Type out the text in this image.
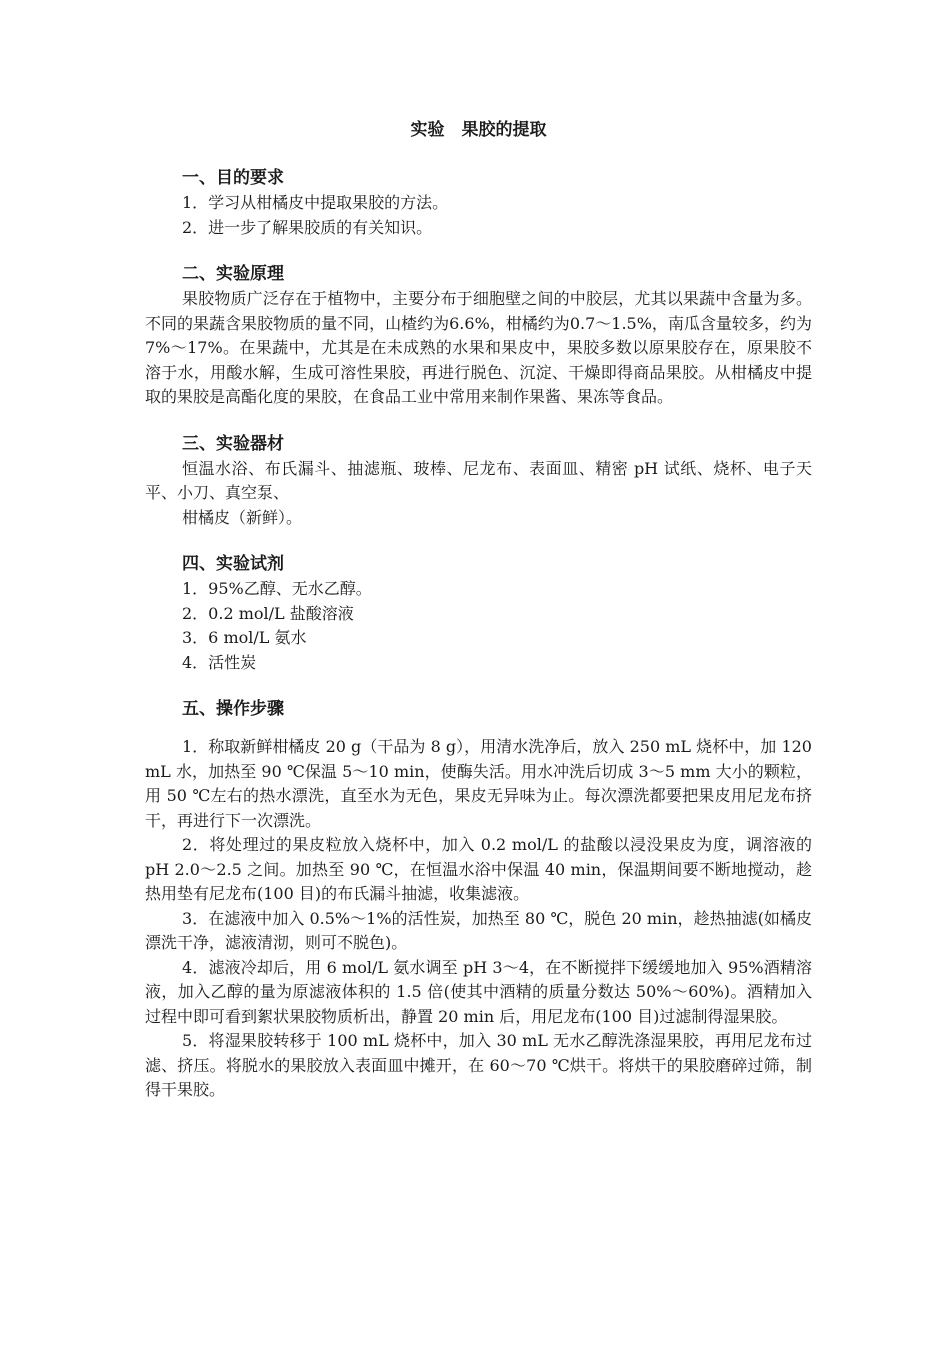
实验　果胶的提取
一、目的要求
1．学习从柑橘皮中提取果胶的方法。
2．进一步了解果胶质的有关知识。
二、实验原理

果胶物质广泛存在于植物中，主要分布于细胞壁之间的中胶层，尤其以果蔬中含量为多。不同的果蔬含果胶物质的量不同，山楂约为6.6%，柑橘约为0.7～1.5%，南瓜含量较多，约为7%～17%。在果蔬中，尤其是在未成熟的水果和果皮中，果胶多数以原果胶存在，原果胶不溶于水，用酸水解，生成可溶性果胶，再进行脱色、沉淀、干燥即得商品果胶。从柑橘皮中提取的果胶是高酯化度的果胶，在食品工业中常用来制作果酱、果冻等食品。

三、实验器材

恒温水浴、布氏漏斗、抽滤瓶、玻棒、尼龙布、表面皿、精密 pH 试纸、烧杯、电子天平、小刀、真空泵、

柑橘皮（新鲜）。
四、实验试剂
1．95%乙醇、无水乙醇。
2．0.2 mol/L 盐酸溶液
3．6 mol/L 氨水
4．活性炭
五、操作步骤

1．称取新鲜柑橘皮 20 g（干品为 8 g），用清水洗净后，放入 250 mL 烧杯中，加 120 mL 水，加热至 90 ℃保温 5～10 min，使酶失活。用水冲洗后切成 3～5 mm 大小的颗粒，用 50 ℃左右的热水漂洗，直至水为无色，果皮无异味为止。每次漂洗都要把果皮用尼龙布挤干，再进行下一次漂洗。

2．将处理过的果皮粒放入烧杯中，加入 0.2 mol/L 的盐酸以浸没果皮为度，调溶液的 pH 2.0～2.5 之间。加热至 90 ℃，在恒温水浴中保温 40 min，保温期间要不断地搅动，趁热用垫有尼龙布(100 目)的布氏漏斗抽滤，收集滤液。

3．在滤液中加入 0.5%～1%的活性炭，加热至 80 ℃，脱色 20 min，趁热抽滤(如橘皮漂洗干净，滤液清沏，则可不脱色)。

4．滤液冷却后，用 6 mol/L 氨水调至 pH 3～4，在不断搅拌下缓缓地加入 95%酒精溶液，加入乙醇的量为原滤液体积的 1.5 倍(使其中酒精的质量分数达 50%～60%)。酒精加入过程中即可看到絮状果胶物质析出，静置 20 min 后，用尼龙布(100 目)过滤制得湿果胶。

5．将湿果胶转移于 100 mL 烧杯中，加入 30 mL 无水乙醇洗涤湿果胶，再用尼龙布过滤、挤压。将脱水的果胶放入表面皿中摊开，在 60～70 ℃烘干。将烘干的果胶磨碎过筛，制得干果胶。
